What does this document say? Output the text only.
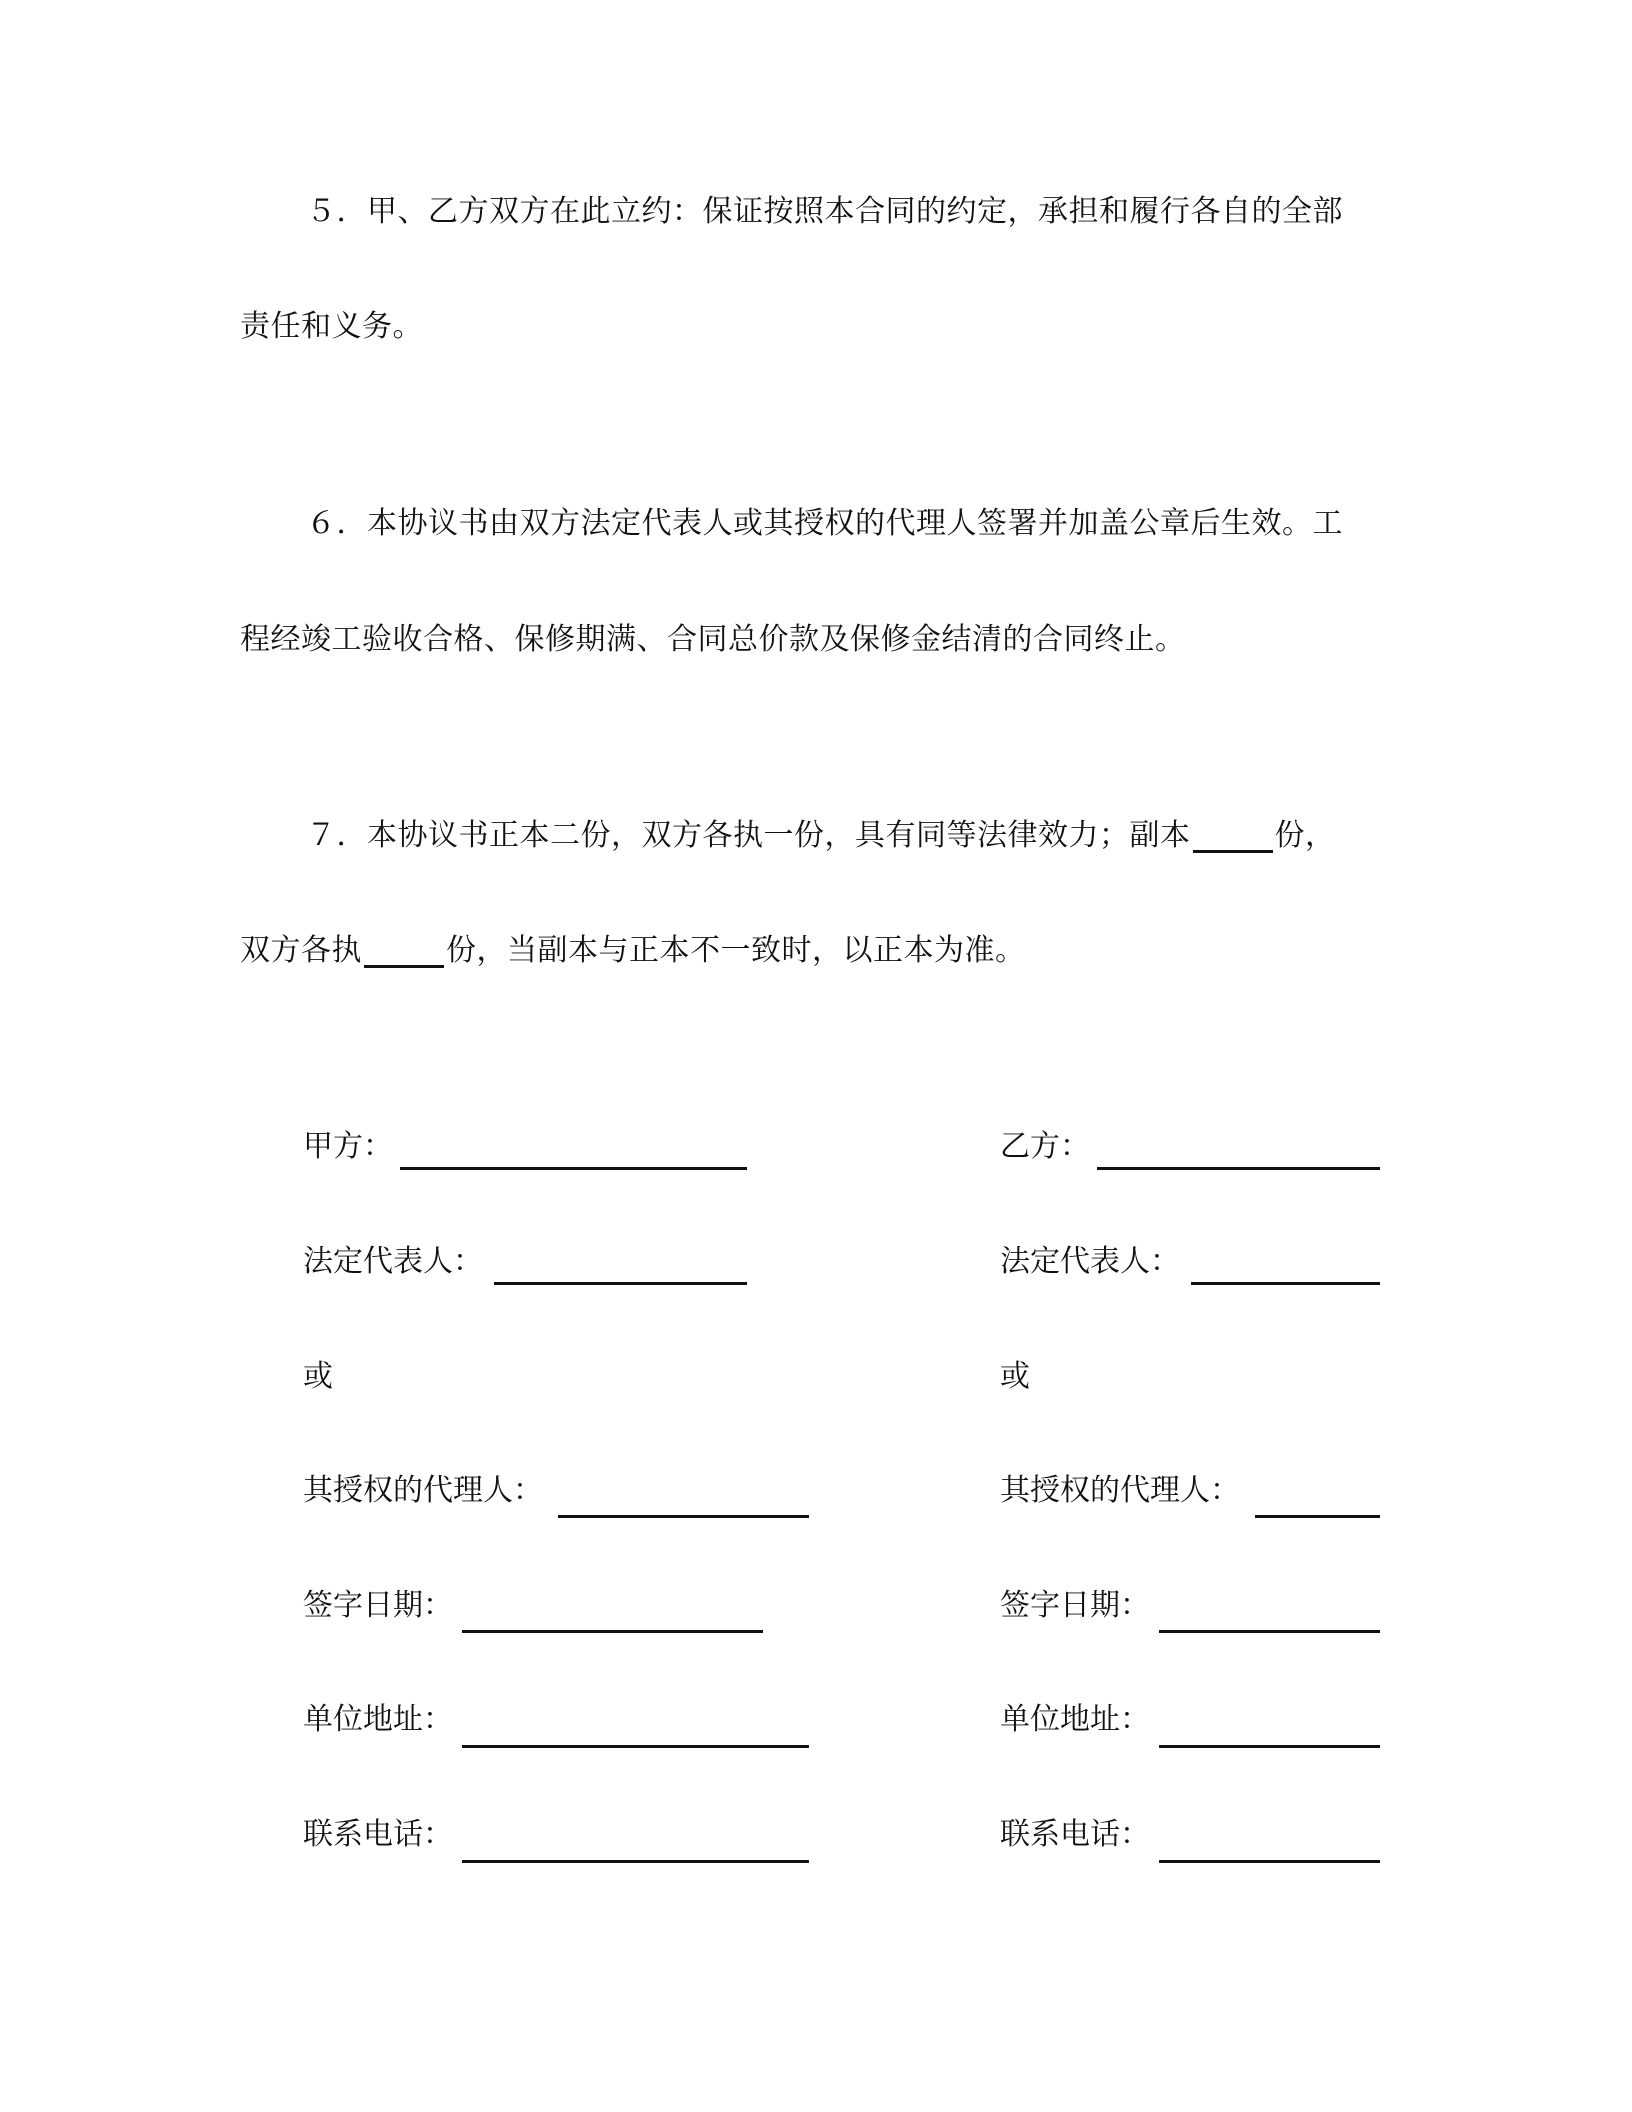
５．甲、乙方双方在此立约：保证按照本合同的约定，承担和履行各自的全部
责任和义务。
６．本协议书由双方法定代表人或其授权的代理人签署并加盖公章后生效。工
程经竣工验收合格、保修期满、合同总价款及保修金结清的合同终止。
７．本协议书正本二份，双方各执一份，具有同等法律效力；副本	份，
双方各执	份，当副本与正本不一致时，以正本为准。
甲方：
法定代表人：
或
其授权的代理人：
签字日期：
单位地址：
联系电话：
乙方：
法定代表人：
或
其授权的代理人：
签字日期：
单位地址：
联系电话：
